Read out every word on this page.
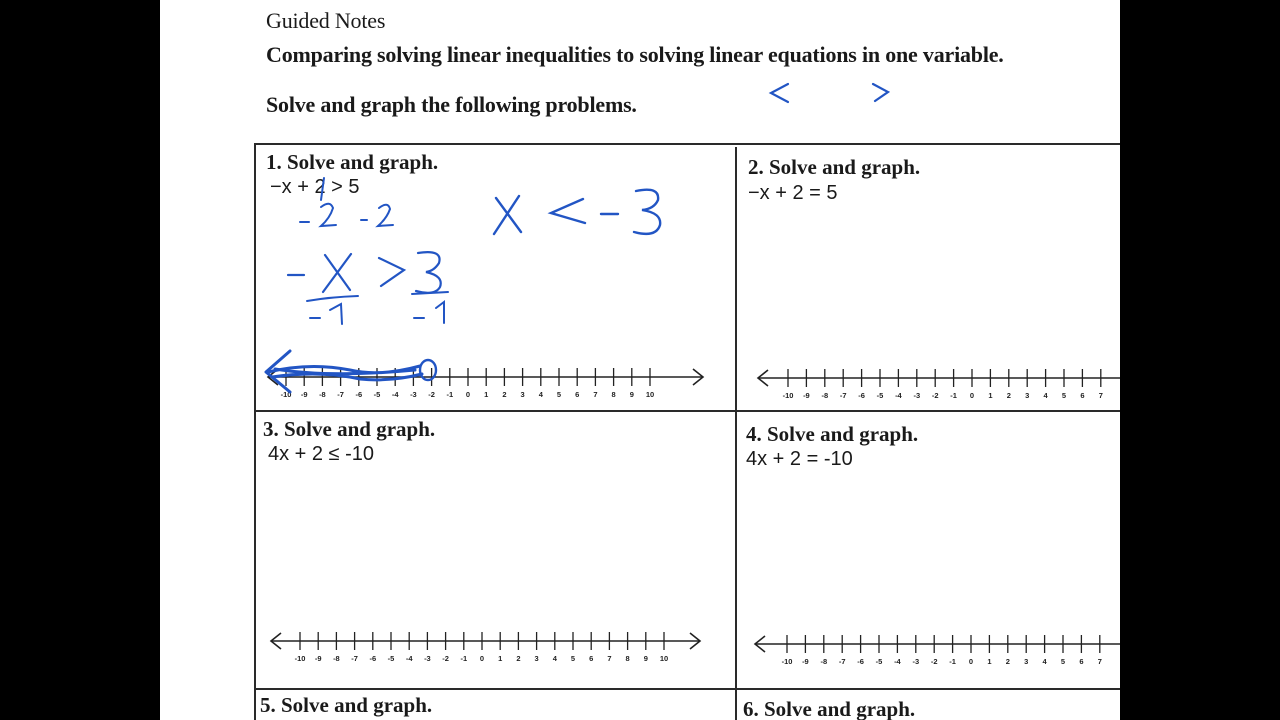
Guided Notes
Comparing solving linear inequalities to solving linear equations in one variable.
Solve and graph the following problems.
1. Solve and graph.
−x + 2 > 5
2. Solve and graph.
−x + 2 = 5
3. Solve and graph.
4x + 2 ≤ -10
4. Solve and graph.
4x + 2 = -10
5. Solve and graph.	6. Solve and graph.
-10 -9 -8 -7 -6 -5 -4 -3 -2 -1 0 1 2 3 4 5 6 7 8 9 10	-10 -9 -8 -7 -6 -5 -4 -3 -2 -1 0 1 2 3 4 5 6 7
-10 -9 -8 -7 -6 -5 -4 -3 -2 -1 0 1 2 3 4 5 6 7 8 9 10	-10 -9 -8 -7 -6 -5 -4 -3 -2 -1 0 1 2 3 4 5 6 7
